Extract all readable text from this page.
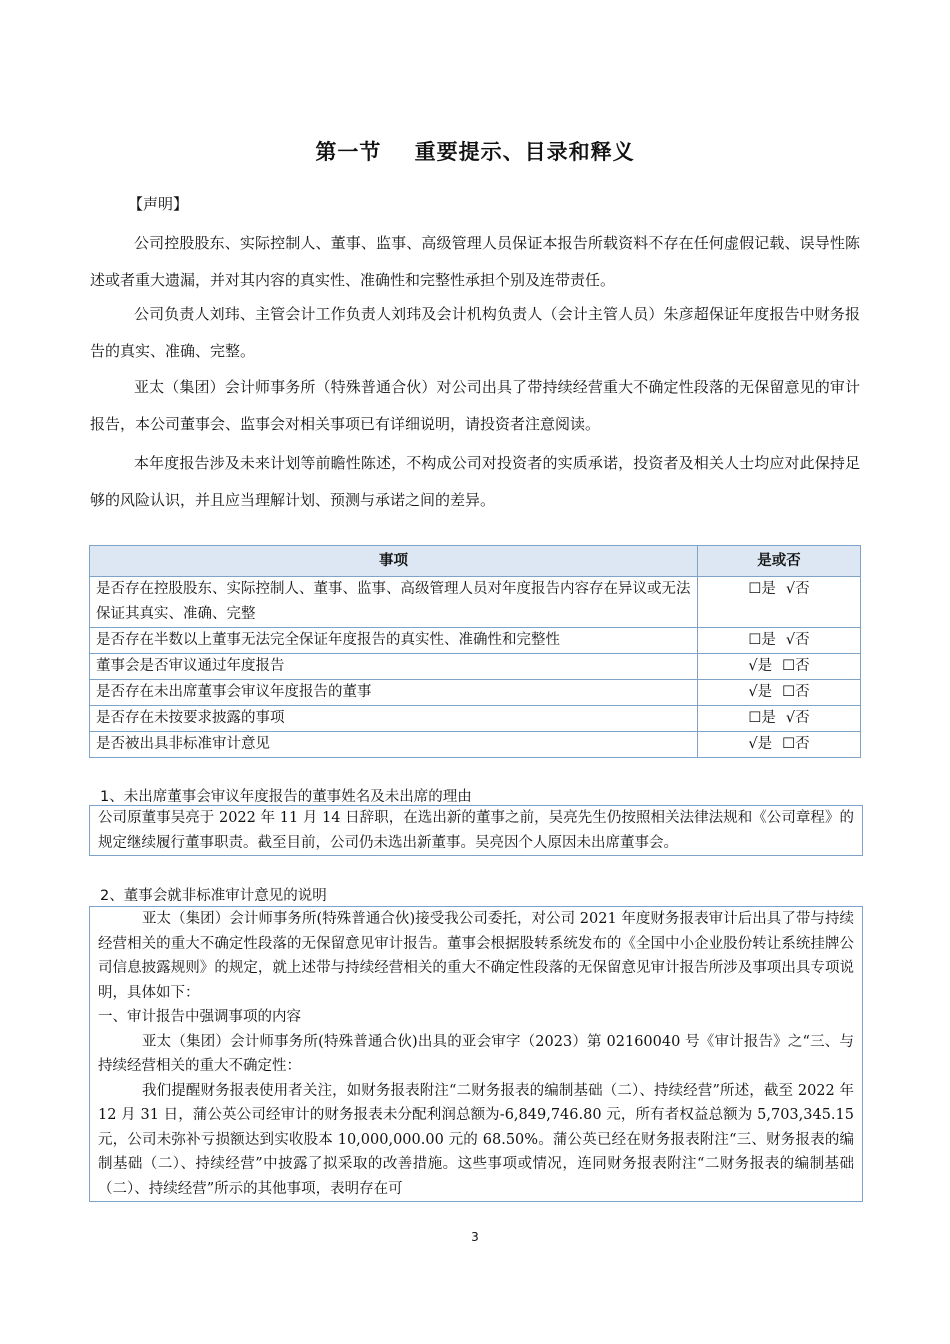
第一节    重要提示、目录和释义
【声明】
公司控股股东、实际控制人、董事、监事、高级管理人员保证本报告所载资料不存在任何虚假记载、误导性陈述或者重大遗漏，并对其内容的真实性、准确性和完整性承担个别及连带责任。
公司负责人刘玮、主管会计工作负责人刘玮及会计机构负责人（会计主管人员）朱彦超保证年度报告中财务报告的真实、准确、完整。
亚太（集团）会计师事务所（特殊普通合伙）对公司出具了带持续经营重大不确定性段落的无保留意见的审计报告，本公司董事会、监事会对相关事项已有详细说明，请投资者注意阅读。
本年度报告涉及未来计划等前瞻性陈述，不构成公司对投资者的实质承诺，投资者及相关人士均应对此保持足够的风险认识，并且应当理解计划、预测与承诺之间的差异。
事项	是或否
是否存在控股股东、实际控制人、董事、监事、高级管理人员对年度报告内容存在异议或无法保证其真实、准确、完整	☐是 √否
是否存在半数以上董事无法完全保证年度报告的真实性、准确性和完整性	☐是 √否
董事会是否审议通过年度报告	√是 ☐否
是否存在未出席董事会审议年度报告的董事	√是 ☐否
是否存在未按要求披露的事项	☐是 √否
是否被出具非标准审计意见	√是 ☐否
1、未出席董事会审议年度报告的董事姓名及未出席的理由

公司原董事吴亮于 2022 年 11 月 14 日辞职，在选出新的董事之前，吴亮先生仍按照相关法律法规和《公司章程》的规定继续履行董事职责。截至目前，公司仍未选出新董事。吴亮因个人原因未出席董事会。

2、董事会就非标准审计意见的说明

亚太（集团）会计师事务所(特殊普通合伙)接受我公司委托，对公司 2021 年度财务报表审计后出具了带与持续经营相关的重大不确定性段落的无保留意见审计报告。董事会根据股转系统发布的《全国中小企业股份转让系统挂牌公司信息披露规则》的规定，就上述带与持续经营相关的重大不确定性段落的无保留意见审计报告所涉及事项出具专项说明，具体如下：

一、审计报告中强调事项的内容

亚太（集团）会计师事务所(特殊普通合伙)出具的亚会审字（2023）第 02160040 号《审计报告》之“三、与持续经营相关的重大不确定性：

我们提醒财务报表使用者关注，如财务报表附注“二财务报表的编制基础（二）、持续经营”所述，截至 2022 年 12 月 31 日，蒲公英公司经审计的财务报表未分配利润总额为-6,849,746.80 元，所有者权益总额为 5,703,345.15 元，公司未弥补亏损额达到实收股本 10,000,000.00 元的 68.50%。蒲公英已经在财务报表附注“三、财务报表的编制基础（二）、持续经营”中披露了拟采取的改善措施。这些事项或情况，连同财务报表附注“二财务报表的编制基础（二）、持续经营”所示的其他事项，表明存在可

3
